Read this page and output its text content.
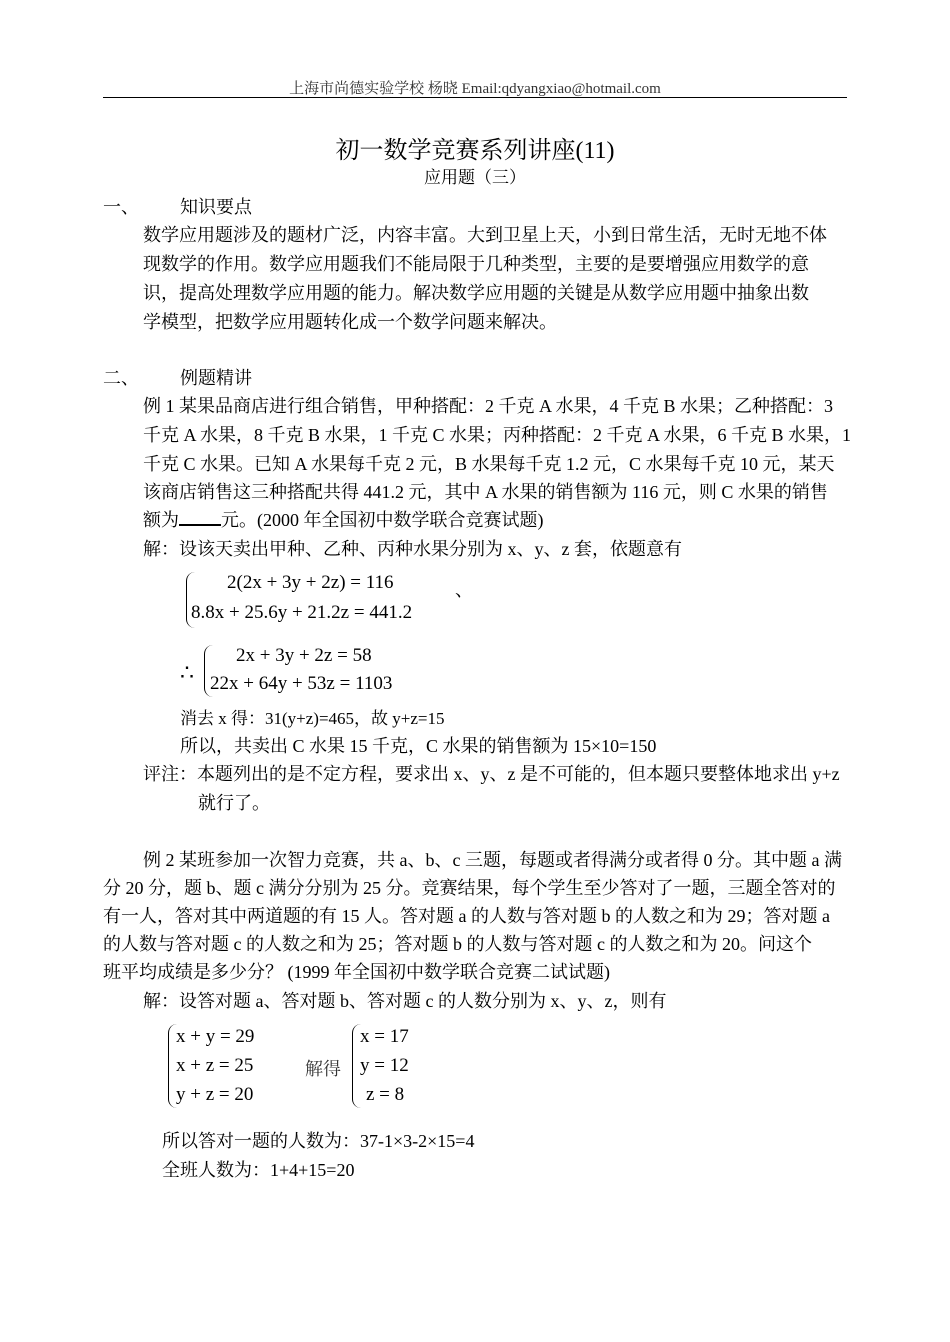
上海市尚德实验学校 杨晓 Email:qdyangxiao@hotmail.com
初一数学竞赛系列讲座(11)
应用题（三）
一、 知识要点
数学应用题涉及的题材广泛，内容丰富。大到卫星上天，小到日常生活，无时无地不体
现数学的作用。数学应用题我们不能局限于几种类型，主要的是要增强应用数学的意
识，提高处理数学应用题的能力。解决数学应用题的关键是从数学应用题中抽象出数
学模型，把数学应用题转化成一个数学问题来解决。
二、 例题精讲
例 1 某果品商店进行组合销售，甲种搭配：2 千克 A 水果，4 千克 B 水果；乙种搭配：3
千克 A 水果，8 千克 B 水果，1 千克 C 水果；丙种搭配：2 千克 A 水果，6 千克 B 水果，1
千克 C 水果。已知 A 水果每千克 2 元，B 水果每千克 1.2 元，C 水果每千克 10 元，某天
该商店销售这三种搭配共得 441.2 元，其中 A 水果的销售额为 116 元，则 C 水果的销售
额为 元。(2000 年全国初中数学联合竞赛试题)
解：设该天卖出甲种、乙种、丙种水果分别为 x、y、z 套，依题意有
2(2x + 3y + 2z) = 116
8.8x + 25.6y + 21.2z = 441.2
、
∴
2x + 3y + 2z = 58
22x + 64y + 53z = 1103
消去 x 得：31(y+z)=465，故 y+z=15
所以，共卖出 C 水果 15 千克，C 水果的销售额为 15×10=150
评注：本题列出的是不定方程，要求出 x、y、z 是不可能的，但本题只要整体地求出 y+z
就行了。
例 2 某班参加一次智力竞赛，共 a、b、c 三题，每题或者得满分或者得 0 分。其中题 a 满
分 20 分，题 b、题 c 满分分别为 25 分。竞赛结果，每个学生至少答对了一题，三题全答对的
有一人，答对其中两道题的有 15 人。答对题 a 的人数与答对题 b 的人数之和为 29；答对题 a
的人数与答对题 c 的人数之和为 25；答对题 b 的人数与答对题 c 的人数之和为 20。问这个
班平均成绩是多少分？ (1999 年全国初中数学联合竞赛二试试题)
解：设答对题 a、答对题 b、答对题 c 的人数分别为 x、y、z，则有
x + y = 29
x + z = 25
y + z = 20
解得
x = 17
y = 12
z = 8
所以答对一题的人数为：37-1×3-2×15=4
全班人数为：1+4+15=20
